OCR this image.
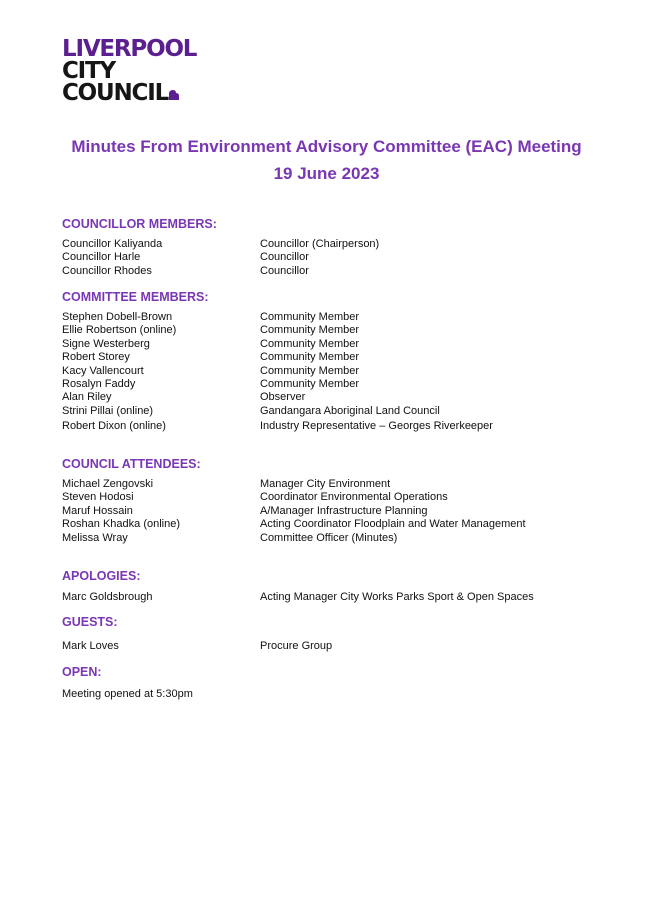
LIVERPOOL
CITY
COUNCIL
Minutes From Environment Advisory Committee (EAC) Meeting
19 June 2023
COUNCILLOR MEMBERS:
Councillor Kaliyanda	Councillor (Chairperson)
Councillor Harle	Councillor
Councillor Rhodes	Councillor
COMMITTEE MEMBERS:
Stephen Dobell-Brown	Community Member
Ellie Robertson (online)	Community Member
Signe Westerberg	Community Member
Robert Storey	Community Member
Kacy Vallencourt	Community Member
Rosalyn Faddy	Community Member
Alan Riley	Observer
Strini Pillai (online)	Gandangara Aboriginal Land Council
Robert Dixon (online)	Industry Representative – Georges Riverkeeper
COUNCIL ATTENDEES:
Michael Zengovski	Manager City Environment
Steven Hodosi	Coordinator Environmental Operations
Maruf Hossain	A/Manager Infrastructure Planning
Roshan Khadka (online)	Acting Coordinator Floodplain and Water Management
Melissa Wray	Committee Officer (Minutes)
APOLOGIES:
Marc Goldsbrough	Acting Manager City Works Parks Sport & Open Spaces
GUESTS:
Mark Loves	Procure Group
OPEN:
Meeting opened at 5:30pm
